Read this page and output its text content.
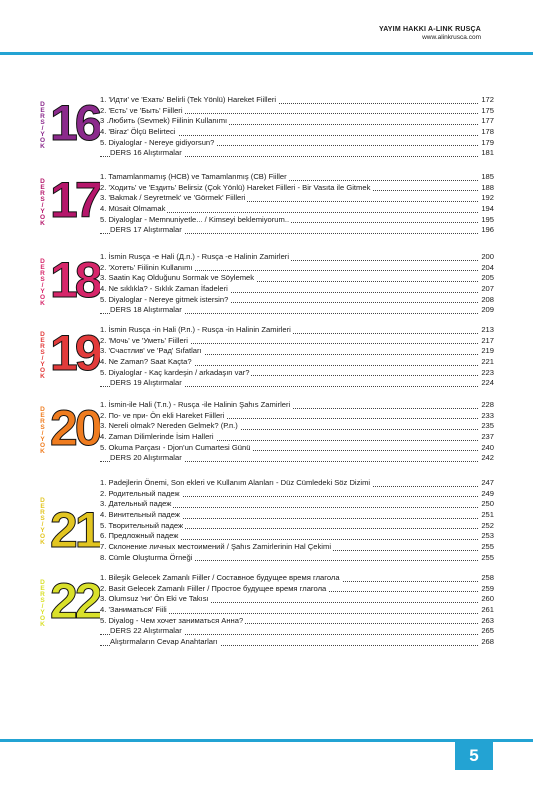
YAYIM HAKKI A-LINK RUSÇA
www.alinkrusca.com
DERS/YOK 16 1. 'Идти' ve 'Ехать' Belirli (Tek Yönlü) Hareket Fiilleri	172
2. 'Есть' ve 'Быть' Fiilleri	175
3 .Любить (Sevmek) Fiilinin Kullanımı	177
4. 'Biraz' Ölçü Belirteci	178
5. Diyaloglar - Nereye gidiyorsun?	179
DERS 16 Alıştırmalar	181
DERS/YOK 17 1. Tamamlanmamış (НСВ) ve Tamamlanmış (СВ) Fiiller	185
2. 'Ходить' ve 'Ездить' Belirsiz (Çok Yönlü) Hareket Fiilleri - Bir Vasıta ile Gitmek	188
3. 'Bakmak / Seyretmek' ve 'Görmek' Fiilleri	192
4. Müsait Olmamak	194
5. Diyaloglar - Memnuniyetle... / Kimseyi beklemiyorum..	195
DERS 17 Alıştırmalar	196
DERS/YOK 18 1. İsmin Rusça -e Hali (Д.п.) - Rusça -e Halinin Zamirleri	200
2. 'Хотеть' Fiilinin Kullanımı	204
3. Saatin Kaç Olduğunu Sormak ve Söylemek	205
4. Ne sıklıkla? - Sıklık Zaman İfadeleri	207
5. Diyaloglar - Nereye gitmek istersin?	208
DERS 18 Alıştırmalar	209
DERS/YOK 19 1. İsmin Rusça -in Hali (Р.п.) - Rusça -in Halinin Zamirleri	213
2. 'Мочь' ve 'Уметь' Fiilleri	217
3. 'Счастлив' ve 'Рад' Sıfatları	219
4. Ne Zaman? Saat Kaçta?	221
5. Diyaloglar - Kaç kardeşin / arkadaşın var?	223
DERS 19 Alıştırmalar	224
DERS/YOK 20 1. İsmin-ile Hali (Т.п.) - Rusça -ile Halinin Şahıs Zamirleri	228
2. По- ve при- Ön ekli Hareket Fiilleri	233
3. Nereli olmak? Nereden Gelmek? (Р.п.)	235
4. Zaman Dilimlerinde İsim Halleri	237
5. Okuma Parçası - Djon'un Cumartesi Günü	240
DERS 20 Alıştırmalar	242
DERS/YOK 21
1. Padejlerin Önemi, Son ekleri ve Kullanım Alanları - Düz Cümledeki Söz Dizimi	247
2. Родительный падеж	249
3. Дательный падеж	250
4. Винительный падеж	251
5. Творительный падеж	252
6. Предложный падеж	253
7. Склонение личных местоимений / Şahıs Zamirlerinin Hal Çekimi	255
8. Cümle Oluşturma Örneği	255
DERS/YOK 22 1. Bileşik Gelecek Zamanlı Fiiller / Составное будущее время глагола	258
2. Basit Gelecek Zamanlı Fiiller / Простое будущее время глагола	259
3. Olumsuz 'ни' Ön Eki ve Takısı	260
4. 'Заниматься' Fiili	261
5. Diyalog - Чем хочет заниматься Анна?	263
DERS 22 Alıştırmalar	265
Alıştırmaların Cevap Anahtarları	268
5
